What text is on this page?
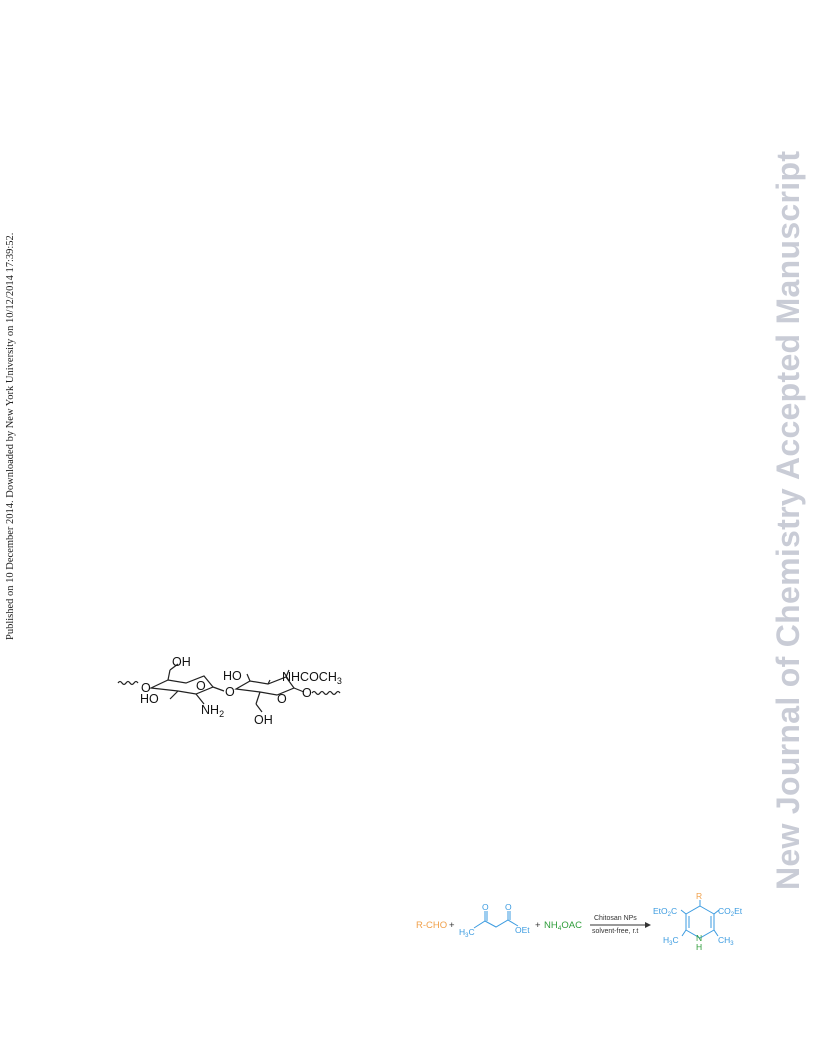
Published on 10 December 2014. Downloaded by New York University on 10/12/2014 17:39:52.	New Journal of Chemistry Accepted Manuscript
OH
HO	$NHCOCH_3$
O
HO	O
O
$NH_2$
O O
OH
R-CHO +
O O
$H_3C$	OEt + $NH_4OAC$
Chitosan NPs
solvent-free, r.t
R
EtO$_2$C	$CO_2Et$
$H_3C$	$CH_3$
N
H
